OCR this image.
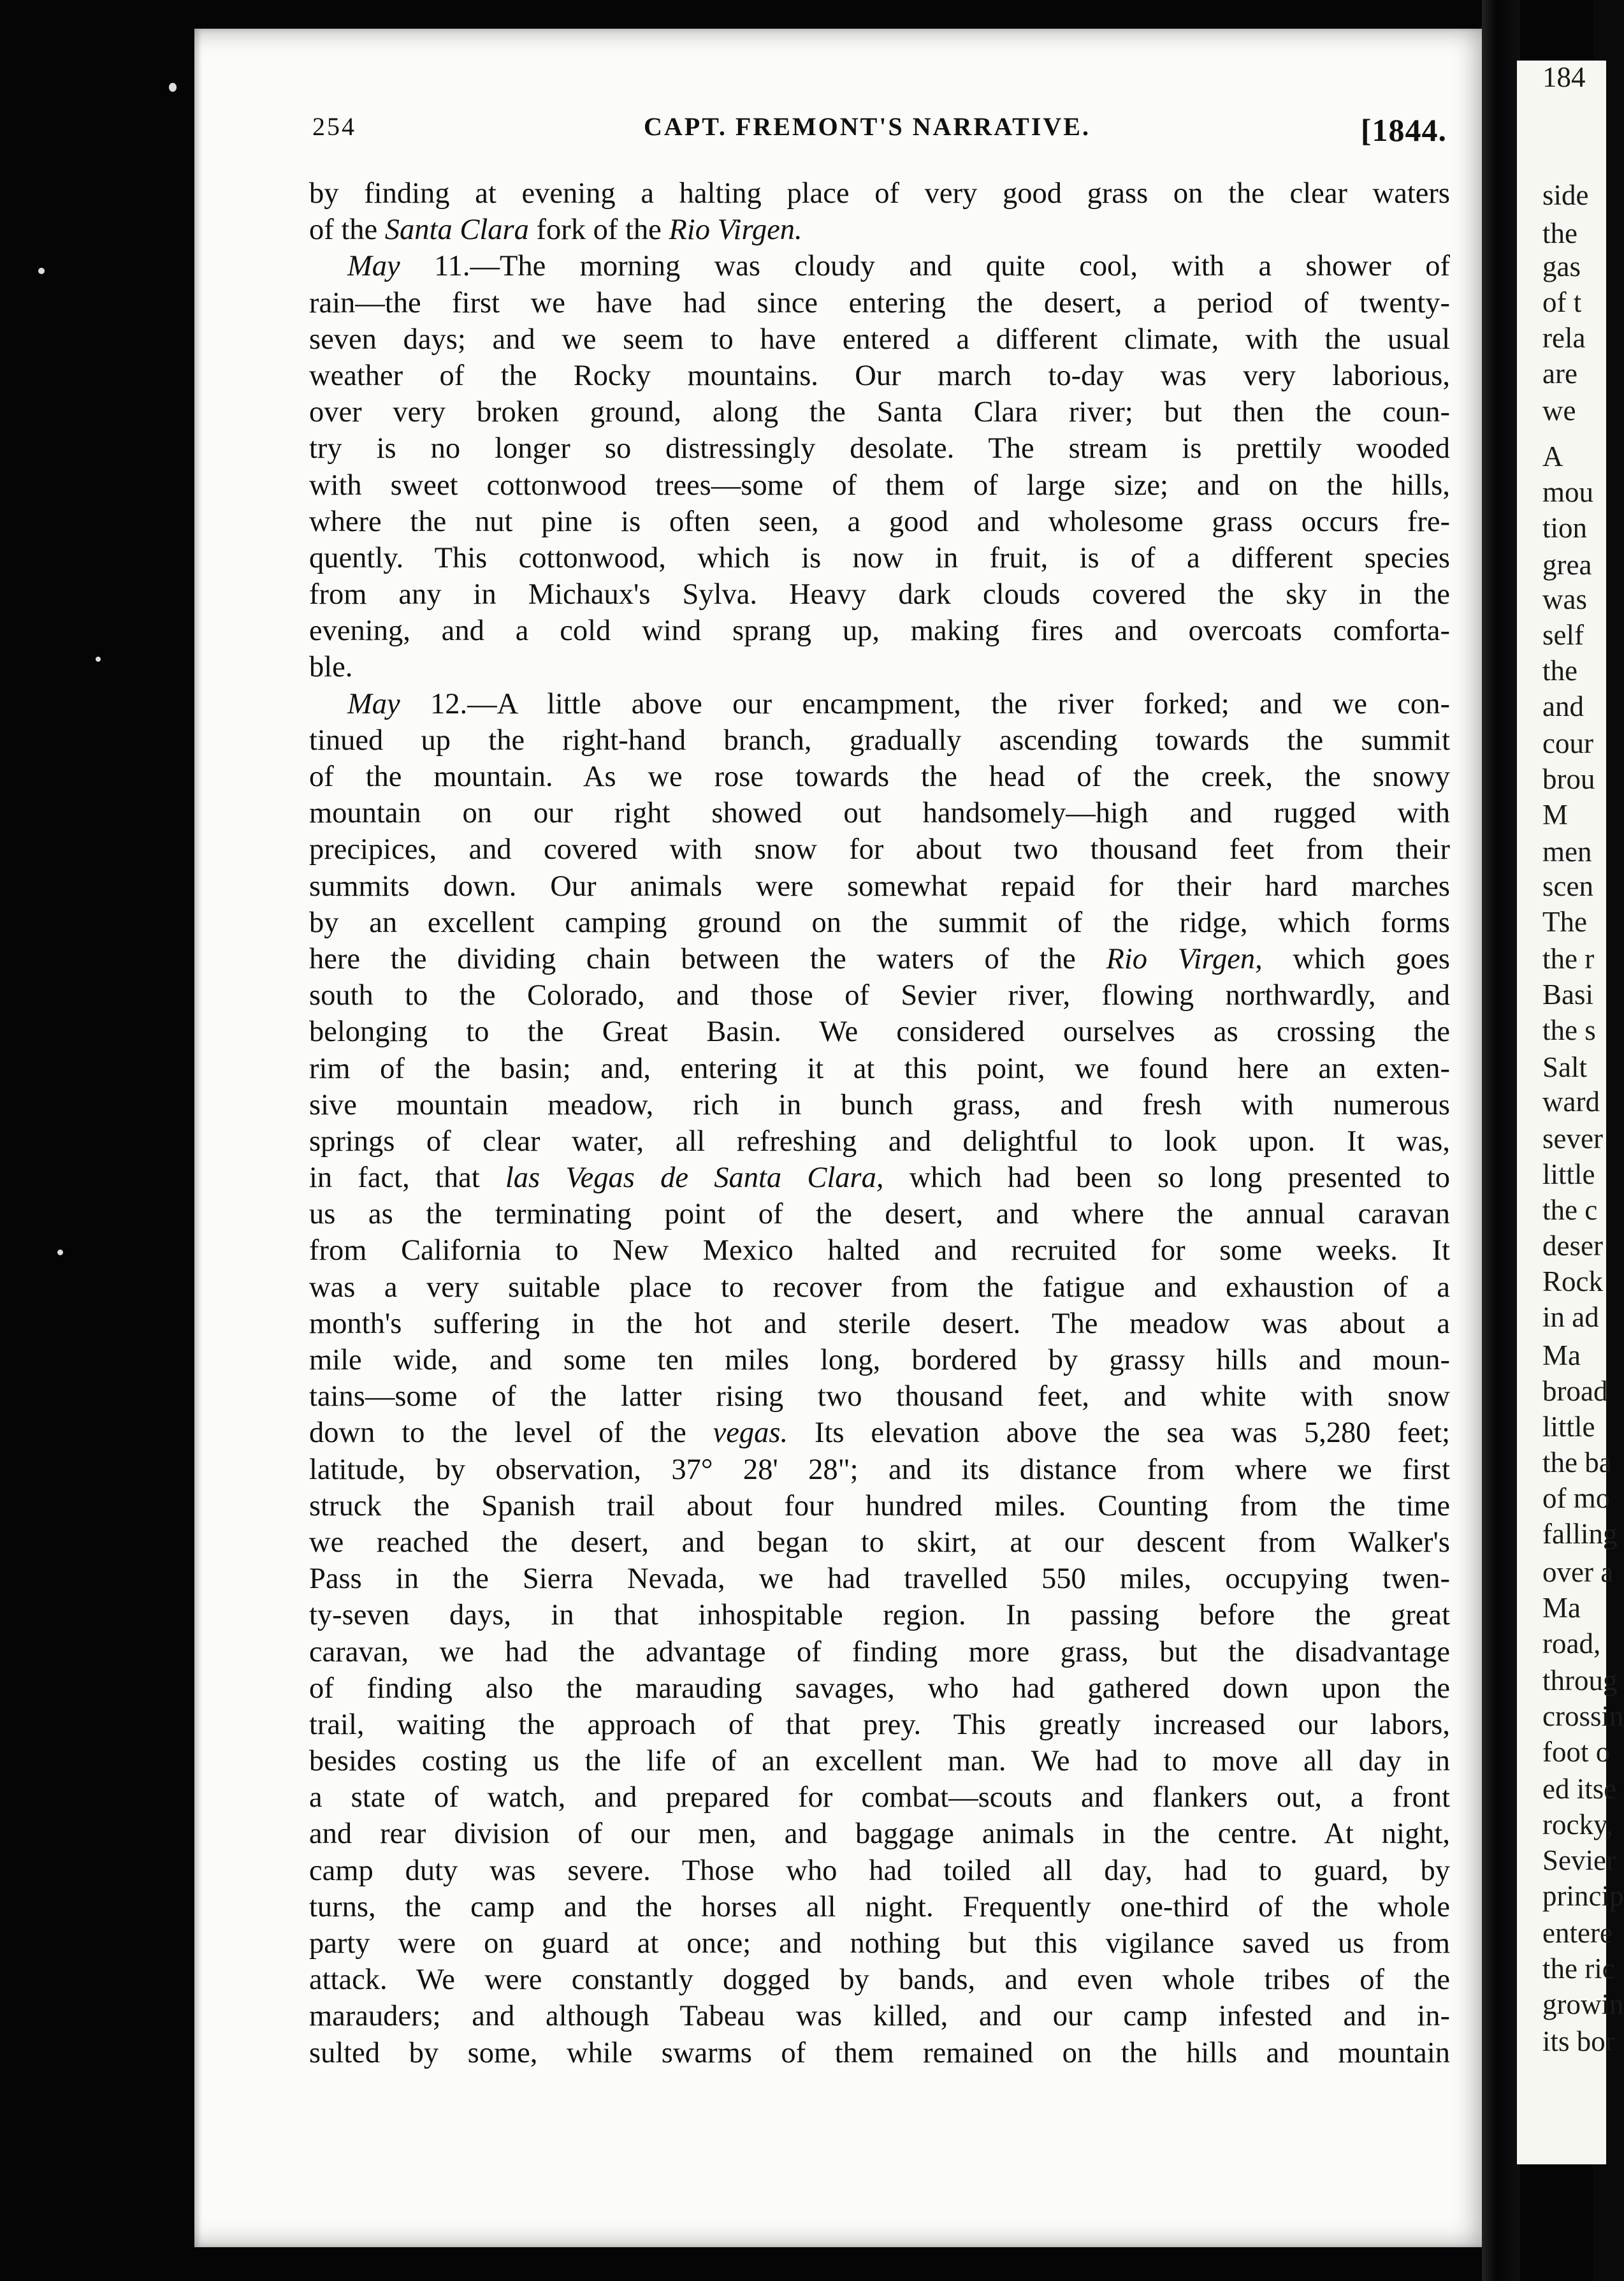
254	CAPT. FREMONT'S NARRATIVE.	[1844.
by finding at evening a halting place of very good grass on the clear waters
of the Santa Clara fork of the Rio Virgen.
May 11.—The morning was cloudy and quite cool, with a shower of
rain—the first we have had since entering the desert, a period of twenty-
seven days; and we seem to have entered a different climate, with the usual
weather of the Rocky mountains. Our march to-day was very laborious,
over very broken ground, along the Santa Clara river; but then the coun-
try is no longer so distressingly desolate. The stream is prettily wooded
with sweet cottonwood trees—some of them of large size; and on the hills,
where the nut pine is often seen, a good and wholesome grass occurs fre-
quently. This cottonwood, which is now in fruit, is of a different species
from any in Michaux's Sylva. Heavy dark clouds covered the sky in the
evening, and a cold wind sprang up, making fires and overcoats comforta-
ble.
May 12.—A little above our encampment, the river forked; and we con-
tinued up the right-hand branch, gradually ascending towards the summit
of the mountain. As we rose towards the head of the creek, the snowy
mountain on our right showed out handsomely—high and rugged with
precipices, and covered with snow for about two thousand feet from their
summits down. Our animals were somewhat repaid for their hard marches
by an excellent camping ground on the summit of the ridge, which forms
here the dividing chain between the waters of the Rio Virgen, which goes
south to the Colorado, and those of Sevier river, flowing northwardly, and
belonging to the Great Basin. We considered ourselves as crossing the
rim of the basin; and, entering it at this point, we found here an exten-
sive mountain meadow, rich in bunch grass, and fresh with numerous
springs of clear water, all refreshing and delightful to look upon. It was,
in fact, that las Vegas de Santa Clara, which had been so long presented to
us as the terminating point of the desert, and where the annual caravan
from California to New Mexico halted and recruited for some weeks. It
was a very suitable place to recover from the fatigue and exhaustion of a
month's suffering in the hot and sterile desert. The meadow was about a
mile wide, and some ten miles long, bordered by grassy hills and moun-
tains—some of the latter rising two thousand feet, and white with snow
down to the level of the vegas. Its elevation above the sea was 5,280 feet;
latitude, by observation, 37° 28' 28"; and its distance from where we first
struck the Spanish trail about four hundred miles. Counting from the time
we reached the desert, and began to skirt, at our descent from Walker's
Pass in the Sierra Nevada, we had travelled 550 miles, occupying twen-
ty-seven days, in that inhospitable region. In passing before the great
caravan, we had the advantage of finding more grass, but the disadvantage
of finding also the marauding savages, who had gathered down upon the
trail, waiting the approach of that prey. This greatly increased our labors,
besides costing us the life of an excellent man. We had to move all day in
a state of watch, and prepared for combat—scouts and flankers out, a front
and rear division of our men, and baggage animals in the centre. At night,
camp duty was severe. Those who had toiled all day, had to guard, by
turns, the camp and the horses all night. Frequently one-third of the whole
party were on guard at once; and nothing but this vigilance saved us from
attack. We were constantly dogged by bands, and even whole tribes of the
marauders; and although Tabeau was killed, and our camp infested and in-
sulted by some, while swarms of them remained on the hills and mountain
184
side
the
gas
of t
rela
are
we
A
mou
tion
grea
was
self
the
and
cour
brou
M
men
scen
The
the r
Basi
the s
Salt
ward
sever
little
the c
deser
Rock
in ad
Ma
broad
little
the ba
of mo
falling
over a
Ma
road,
throug
crossin
foot o
ed itse
rocky,
Sevier
princip
entere
the ric
growin
its bor
